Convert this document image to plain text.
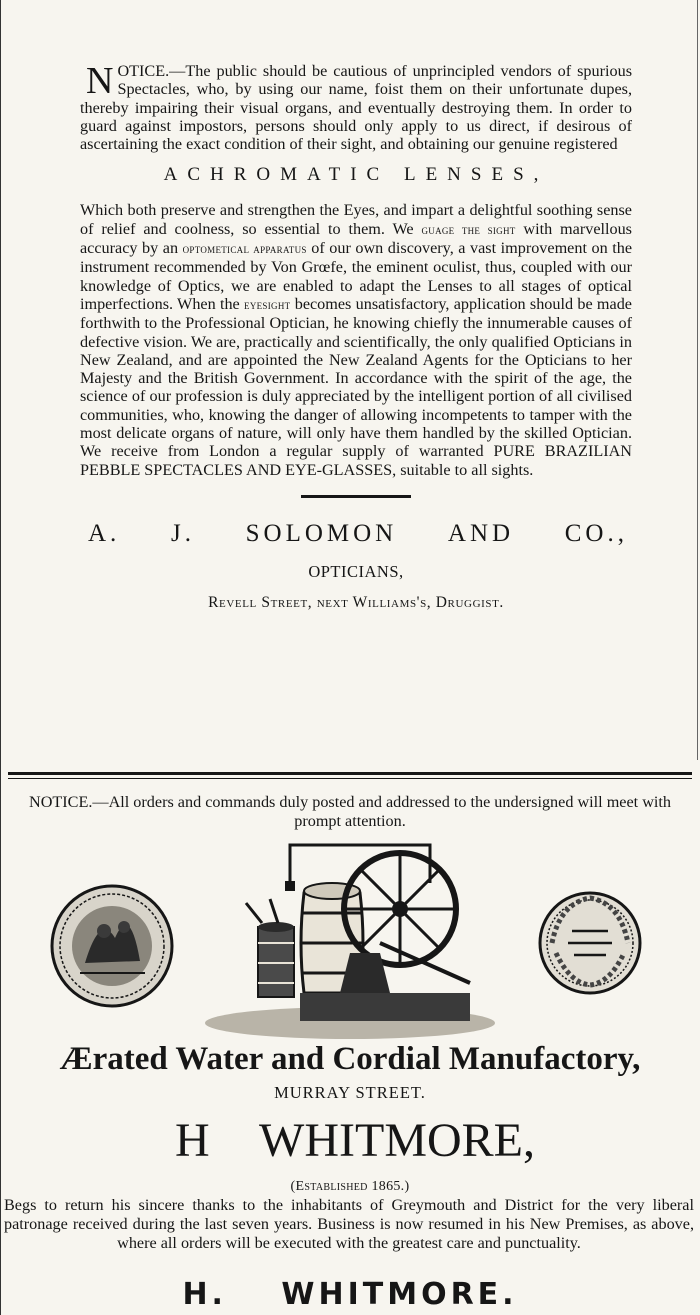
NOTICE.—The public should be cautious of unprincipled vendors of spurious Spectacles, who, by using our name, foist them on their unfortunate dupes, thereby impairing their visual organs, and eventually destroying them. In order to guard against impostors, persons should only apply to us direct, if desirous of ascertaining the exact condition of their sight, and obtaining our genuine registered

ACHROMATIC LENSES,

Which both preserve and strengthen the Eyes, and impart a delightful soothing sense of relief and coolness, so essential to them. We guage the sight with marvellous accuracy by an optometical apparatus of our own discovery, a vast improvement on the instrument recommended by Von Grœfe, the eminent oculist, thus, coupled with our knowledge of Optics, we are enabled to adapt the Lenses to all stages of optical imperfections. When the eyesight becomes unsatisfactory, application should be made forthwith to the Professional Optician, he knowing chiefly the innumerable causes of defective vision. We are, practically and scientifically, the only qualified Opticians in New Zealand, and are appointed the New Zealand Agents for the Opticians to her Majesty and the British Government. In accordance with the spirit of the age, the science of our profession is duly appreciated by the intelligent portion of all civilised communities, who, knowing the danger of allowing incompetents to tamper with the most delicate organs of nature, will only have them handled by the skilled Optician. We receive from London a regular supply of warranted PURE BRAZILIAN PEBBLE SPECTACLES AND EYE-GLASSES, suitable to all sights.

A. J. SOLOMON AND CO.,
OPTICIANS,
Revell Street, next Williams's, Druggist.

NOTICE.—All orders and commands duly posted and addressed to the undersigned will meet with prompt attention.

Ærated Water and Cordial Manufactory,
MURRAY STREET.
H WHITMORE,
(Established 1865.)

Begs to return his sincere thanks to the inhabitants of Greymouth and District for the very liberal patronage received during the last seven years. Business is now resumed in his New Premises, as above, where all orders will be executed with the greatest care and punctuality.

H. WHITMORE.
